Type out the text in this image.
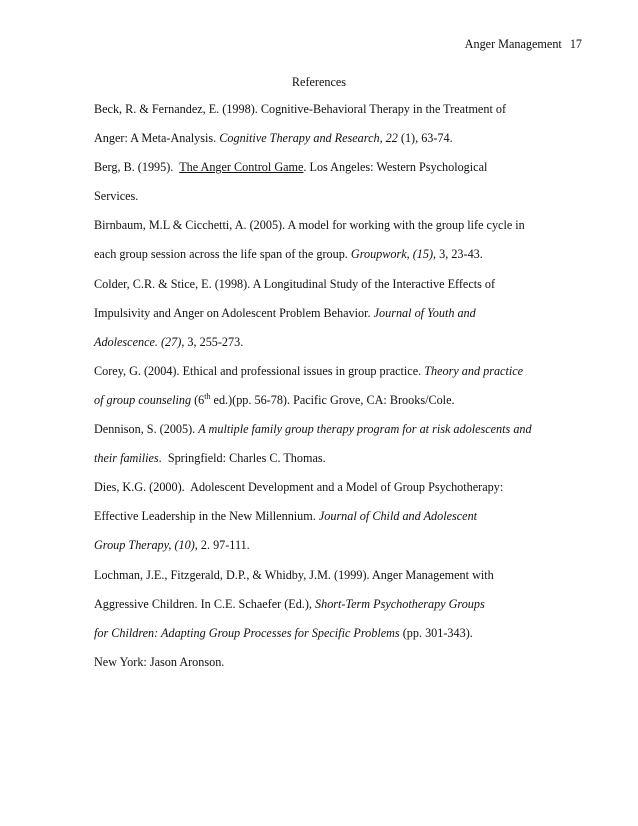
Anger Management 17
References

Beck, R. & Fernandez, E. (1998). Cognitive-Behavioral Therapy in the Treatment of
Anger: A Meta-Analysis. Cognitive Therapy and Research, 22 (1), 63-74.

Berg, B. (1995).  The Anger Control Game. Los Angeles: Western Psychological
Services.

Birnbaum, M.L & Cicchetti, A. (2005). A model for working with the group life cycle in
each group session across the life span of the group. Groupwork, (15), 3, 23-43.

Colder, C.R. & Stice, E. (1998). A Longitudinal Study of the Interactive Effects of
Impulsivity and Anger on Adolescent Problem Behavior. Journal of Youth and
Adolescence. (27), 3, 255-273.

Corey, G. (2004). Ethical and professional issues in group practice. Theory and practice
of group counseling (6th ed.)(pp. 56-78). Pacific Grove, CA: Brooks/Cole.

Dennison, S. (2005). A multiple family group therapy program for at risk adolescents and
their families.  Springfield: Charles C. Thomas.

Dies, K.G. (2000).  Adolescent Development and a Model of Group Psychotherapy:
Effective Leadership in the New Millennium. Journal of Child and Adolescent
Group Therapy, (10), 2. 97-111.

Lochman, J.E., Fitzgerald, D.P., & Whidby, J.M. (1999). Anger Management with
Aggressive Children. In C.E. Schaefer (Ed.), Short-Term Psychotherapy Groups
for Children: Adapting Group Processes for Specific Problems (pp. 301-343).
New York: Jason Aronson.
